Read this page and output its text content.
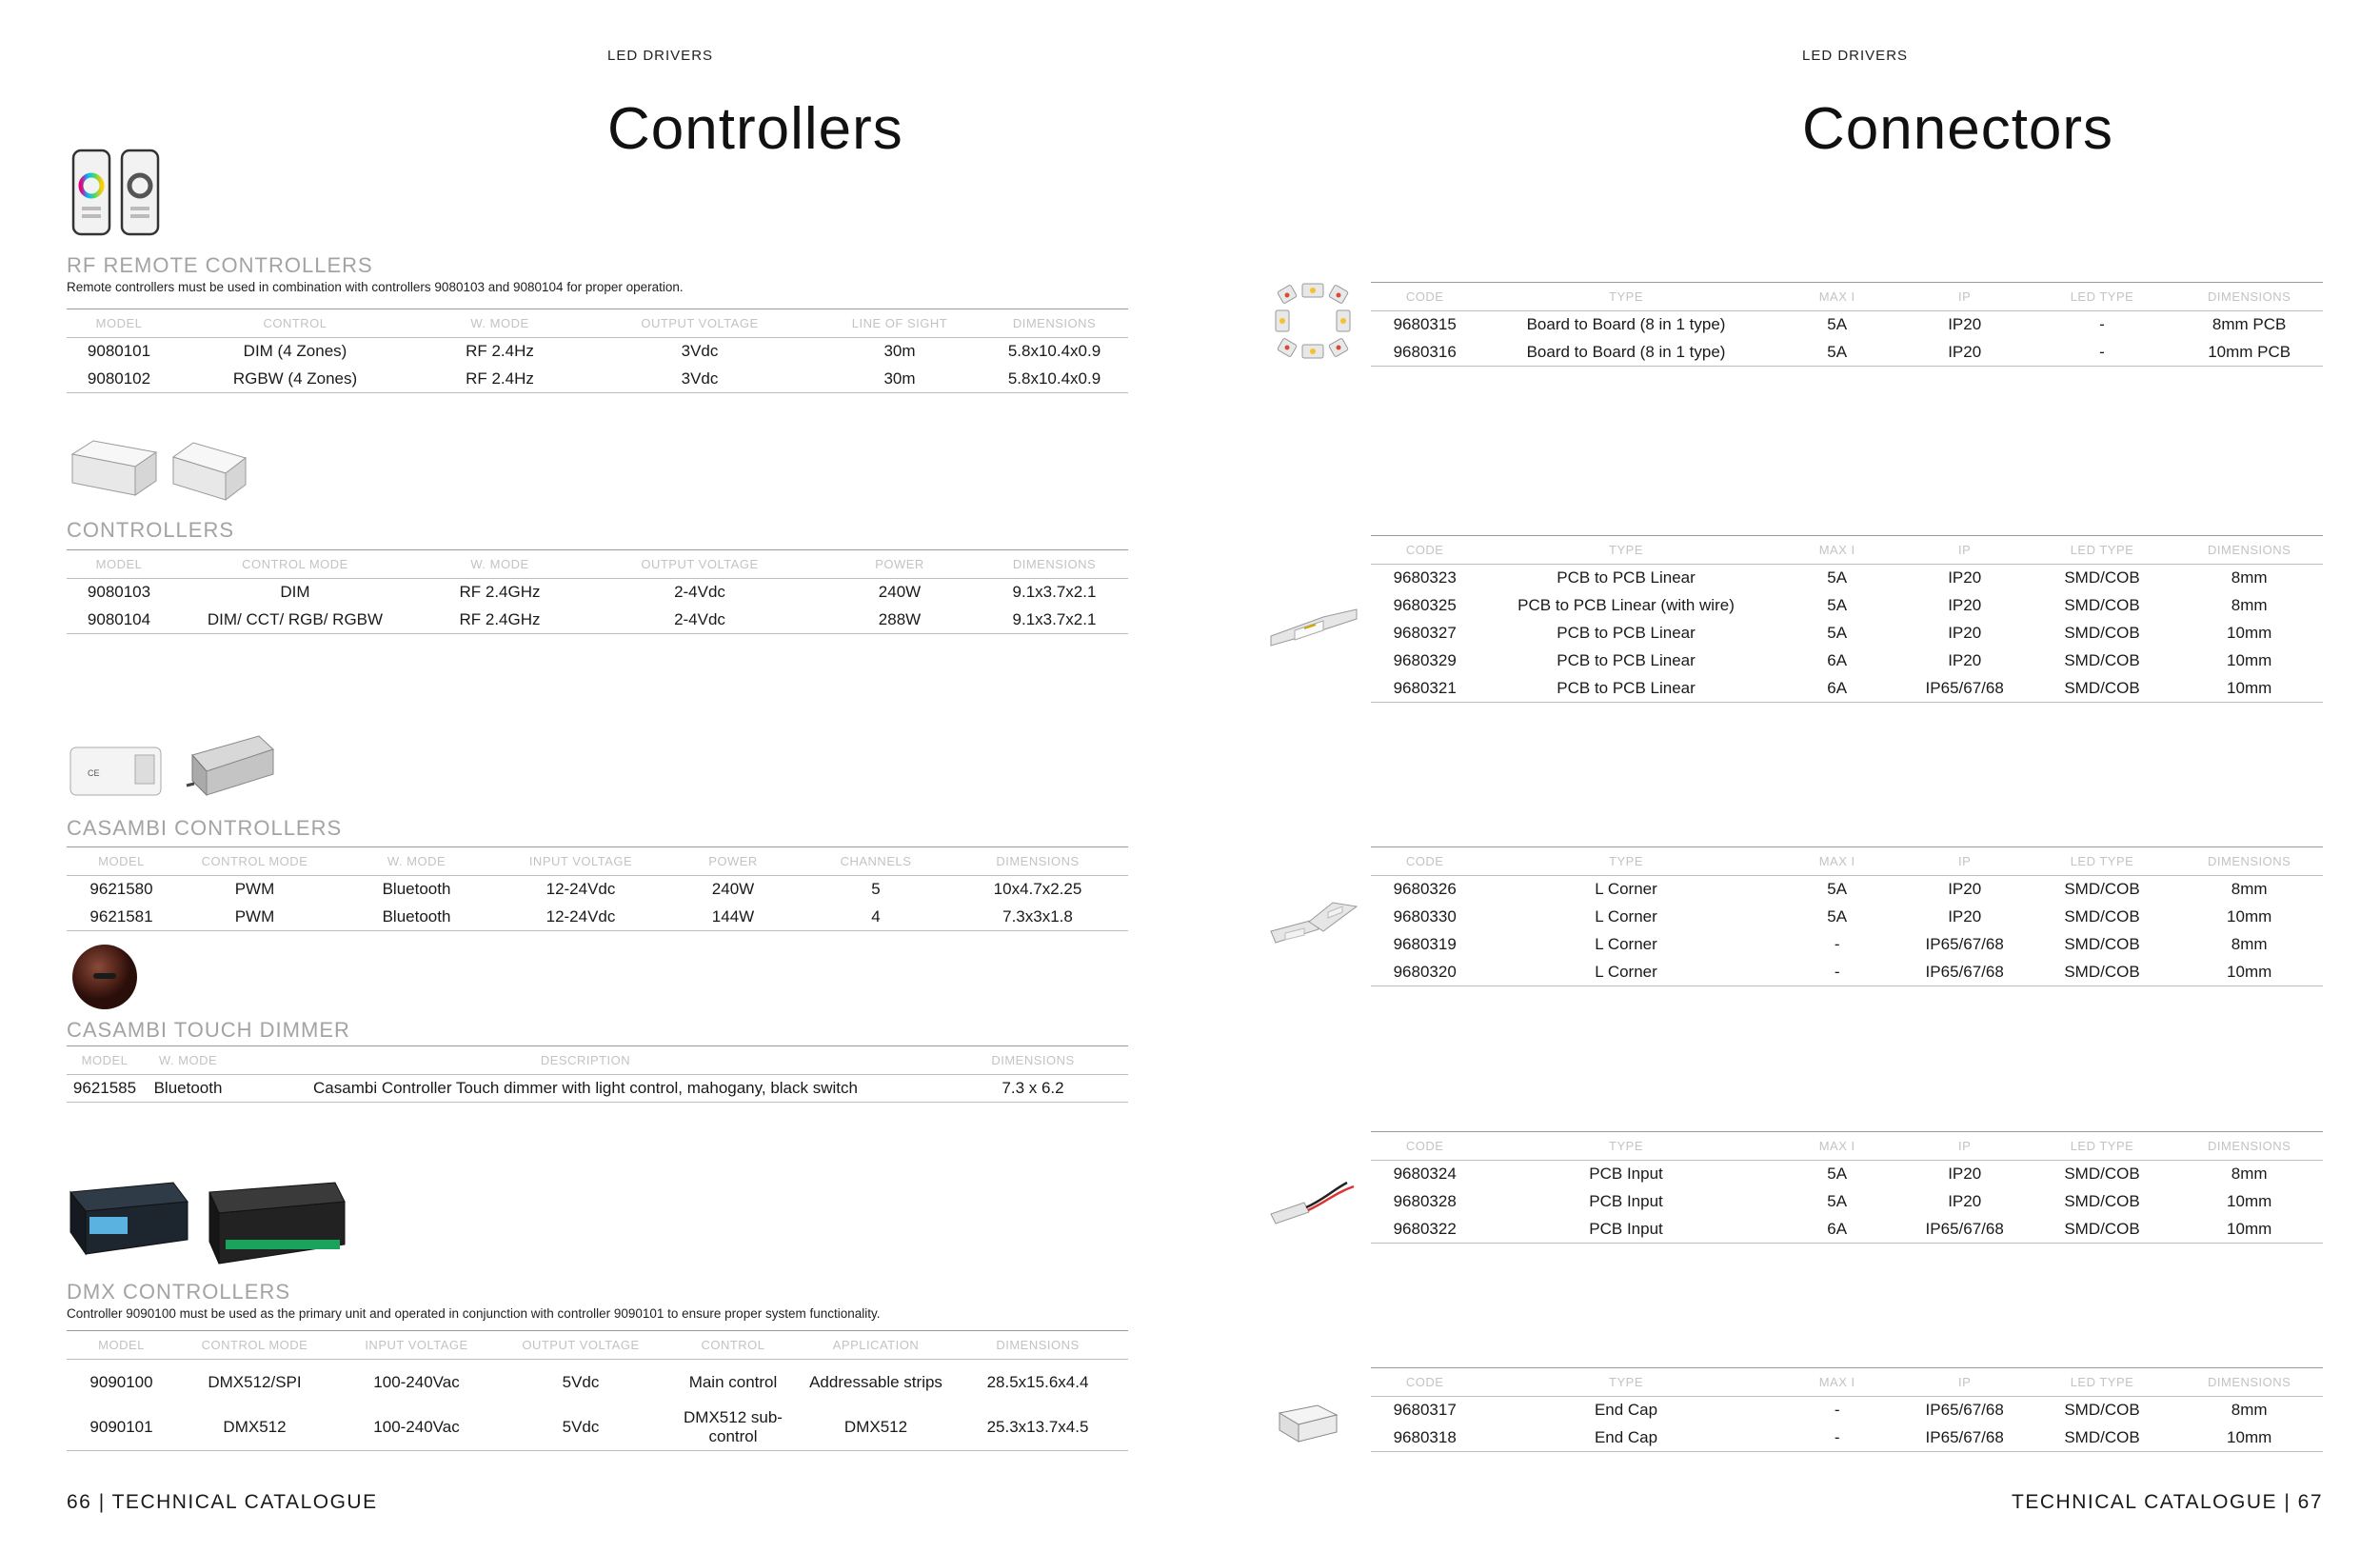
LED DRIVERS
Controllers
RF REMOTE CONTROLLERS
Remote controllers must be used in combination with controllers 9080103 and 9080104 for proper operation.
MODEL	CONTROL	W. MODE	OUTPUT VOLTAGE	LINE OF SIGHT	DIMENSIONS
9080101	DIM (4 Zones)	RF 2.4Hz	3Vdc	30m	5.8x10.4x0.9
9080102	RGBW (4 Zones)	RF 2.4Hz	3Vdc	30m	5.8x10.4x0.9
CONTROLLERS
MODEL	CONTROL MODE	W. MODE	OUTPUT VOLTAGE	POWER	DIMENSIONS
9080103	DIM	RF 2.4GHz	2-4Vdc	240W	9.1x3.7x2.1
9080104	DIM/ CCT/ RGB/ RGBW	RF 2.4GHz	2-4Vdc	288W	9.1x3.7x2.1
CE
CASAMBI CONTROLLERS
MODEL	CONTROL MODE	W. MODE	INPUT VOLTAGE	POWER	CHANNELS	DIMENSIONS
9621580	PWM	Bluetooth	12-24Vdc	240W	5	10x4.7x2.25
9621581	PWM	Bluetooth	12-24Vdc	144W	4	7.3x3x1.8
CASAMBI TOUCH DIMMER
MODEL	W. MODE	DESCRIPTION	DIMENSIONS
9621585	Bluetooth	Casambi Controller Touch dimmer with light control, mahogany, black switch	7.3 x 6.2
DMX CONTROLLERS
Controller 9090100 must be used as the primary unit and operated in conjunction with controller 9090101 to ensure proper system functionality.
MODEL	CONTROL MODE	INPUT VOLTAGE	OUTPUT VOLTAGE	CONTROL	APPLICATION	DIMENSIONS
9090100	DMX512/SPI	100-240Vac	5Vdc	Main control	Addressable strips	28.5x15.6x4.4
9090101	DMX512	100-240Vac	5Vdc	DMX512 sub-control	DMX512	25.3x13.7x4.5
66 | TECHNICAL CATALOGUE
LED DRIVERS
Connectors
CODE	TYPE	MAX I	IP	LED TYPE	DIMENSIONS
9680315	Board to Board (8 in 1 type)	5A	IP20	-	8mm PCB
9680316	Board to Board (8 in 1 type)	5A	IP20	-	10mm PCB
CODE	TYPE	MAX I	IP	LED TYPE	DIMENSIONS
9680323	PCB to PCB Linear	5A	IP20	SMD/COB	8mm
9680325	PCB to PCB Linear (with wire)	5A	IP20	SMD/COB	8mm
9680327	PCB to PCB Linear	5A	IP20	SMD/COB	10mm
9680329	PCB to PCB Linear	6A	IP20	SMD/COB	10mm
9680321	PCB to PCB Linear	6A	IP65/67/68	SMD/COB	10mm
CODE	TYPE	MAX I	IP	LED TYPE	DIMENSIONS
9680326	L Corner	5A	IP20	SMD/COB	8mm
9680330	L Corner	5A	IP20	SMD/COB	10mm
9680319	L Corner	-	IP65/67/68	SMD/COB	8mm
9680320	L Corner	-	IP65/67/68	SMD/COB	10mm
CODE	TYPE	MAX I	IP	LED TYPE	DIMENSIONS
9680324	PCB Input	5A	IP20	SMD/COB	8mm
9680328	PCB Input	5A	IP20	SMD/COB	10mm
9680322	PCB Input	6A	IP65/67/68	SMD/COB	10mm
CODE	TYPE	MAX I	IP	LED TYPE	DIMENSIONS
9680317	End Cap	-	IP65/67/68	SMD/COB	8mm
9680318	End Cap	-	IP65/67/68	SMD/COB	10mm
TECHNICAL CATALOGUE | 67
